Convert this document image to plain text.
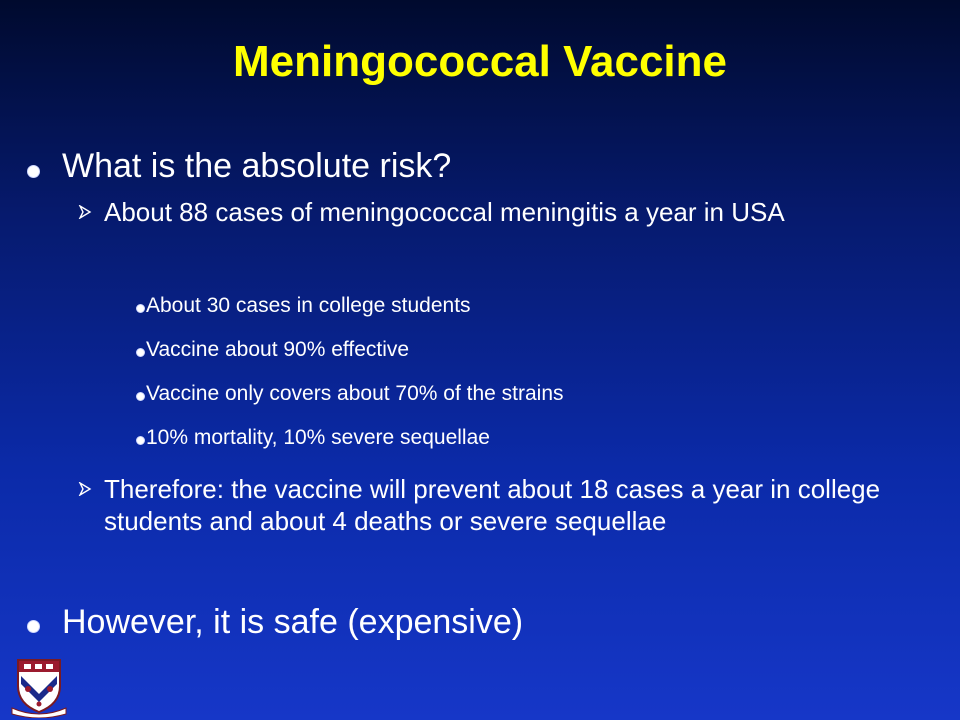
Meningococcal Vaccine
What is the absolute risk?
About 88 cases of meningococcal meningitis a year in USA
About 30 cases in college students
Vaccine about 90% effective
Vaccine only covers about 70% of the strains
10% mortality, 10% severe sequellae
Therefore: the vaccine will prevent about 18 cases a year in college students and about 4 deaths or severe sequellae
However, it is safe (expensive)
